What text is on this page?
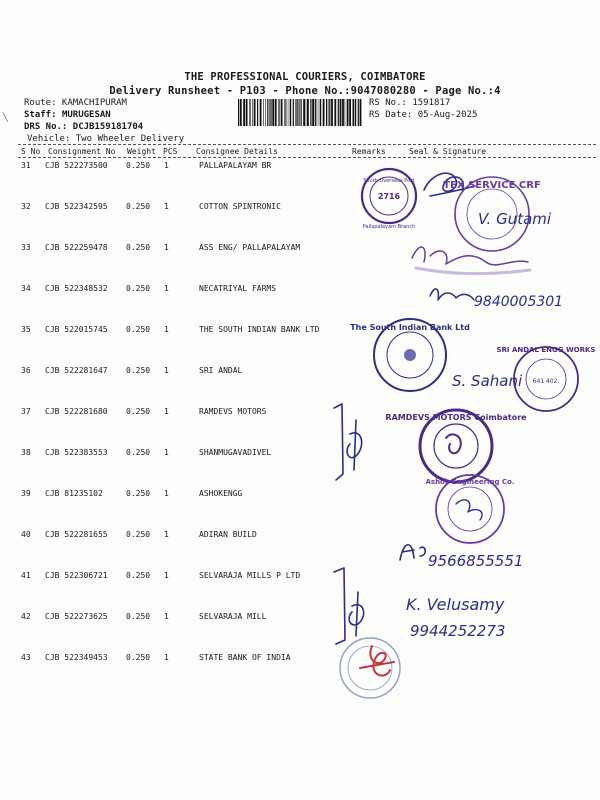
THE PROFESSIONAL COURIERS, COIMBATORE
Delivery Runsheet - P103 - Phone No.:9047080280 - Page No.:4
Route: KAMACHIPURAM
Staff: MURUGESAN
DRS No.: DCJB159181704
Vehicle: Two Wheeler Delivery
RS No.: 1591817
RS Date: 05-Aug-2025
╲
S No Consignment No Weight PCS Consignee Details	Remarks	Seal & Signature
31 CJB 522273500 0.250 1	PALLAPALAYAM BR
32 CJB 522342595 0.250 1	COTTON SPINTRONIC
33 CJB 522259478 0.250 1	ASS ENG/ PALLAPALAYAM
34 CJB 522348532 0.250 1	NECATRIYAL FARMS
35 CJB 522015745 0.250 1	THE SOUTH INDIAN BANK LTD
36 CJB 522281647 0.250 1	SRI ANDAL
37 CJB 522281680 0.250 1	RAMDEVS MOTORS
38 CJB 522383553 0.250 1	SHANMUGAVADIVEL
39 CJB 81235102	0.250 1	ASHOKENGG
40 CJB 522281655 0.250 1	ADIRAN BUILD
41 CJB 522306721 0.250 1	SELVARAJA MILLS P LTD
42 CJB 522273625 0.250 1	SELVARAJA MILL
43 CJB 522349453 0.250 1	STATE BANK OF INDIA
South Overseas Post
2716
Pallapalayam Branch
TEX SERVICE CRF
V. Gutami
9840005301
The South Indian Bank Ltd
SRI ANDAL ENGG WORKS
641 402.
S. Sahani
RAMDEVS MOTORS Coimbatore
Ashok Engineering Co.
9566855551
K. Velusamy
9944252273
